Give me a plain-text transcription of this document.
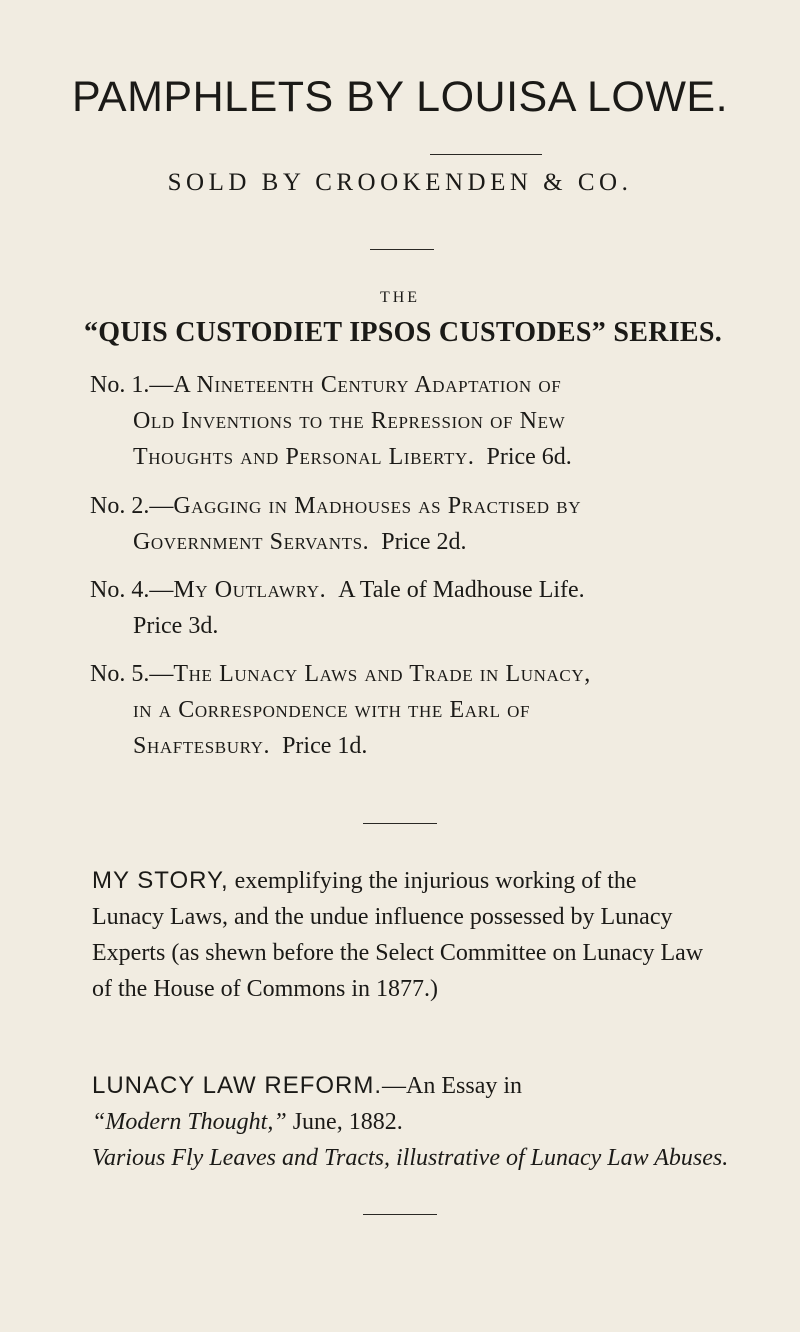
PAMPHLETS BY LOUISA LOWE.
SOLD BY CROOKENDEN & CO.
THE
“QUIS CUSTODIET IPSOS CUSTODES” SERIES.
No. 1.—A Nineteenth Century Adaptation of
Old Inventions to the Repression of New
Thoughts and Personal Liberty. Price 6d.
No. 2.—Gagging in Madhouses as Practised by
Government Servants. Price 2d.
No. 4.—My Outlawry. A Tale of Madhouse Life.
Price 3d.
No. 5.—The Lunacy Laws and Trade in Lunacy,
in a Correspondence with the Earl of
Shaftesbury. Price 1d.
MY STORY, exemplifying the injurious working of the Lunacy Laws, and the undue influence possessed by Lunacy Experts (as shewn before the Select Committee on Lunacy Law of the House of Commons in 1877.)
LUNACY LAW REFORM.—An Essay in
“Modern Thought,” June, 1882.
Various Fly Leaves and Tracts, illustrative of Lunacy Law Abuses.
